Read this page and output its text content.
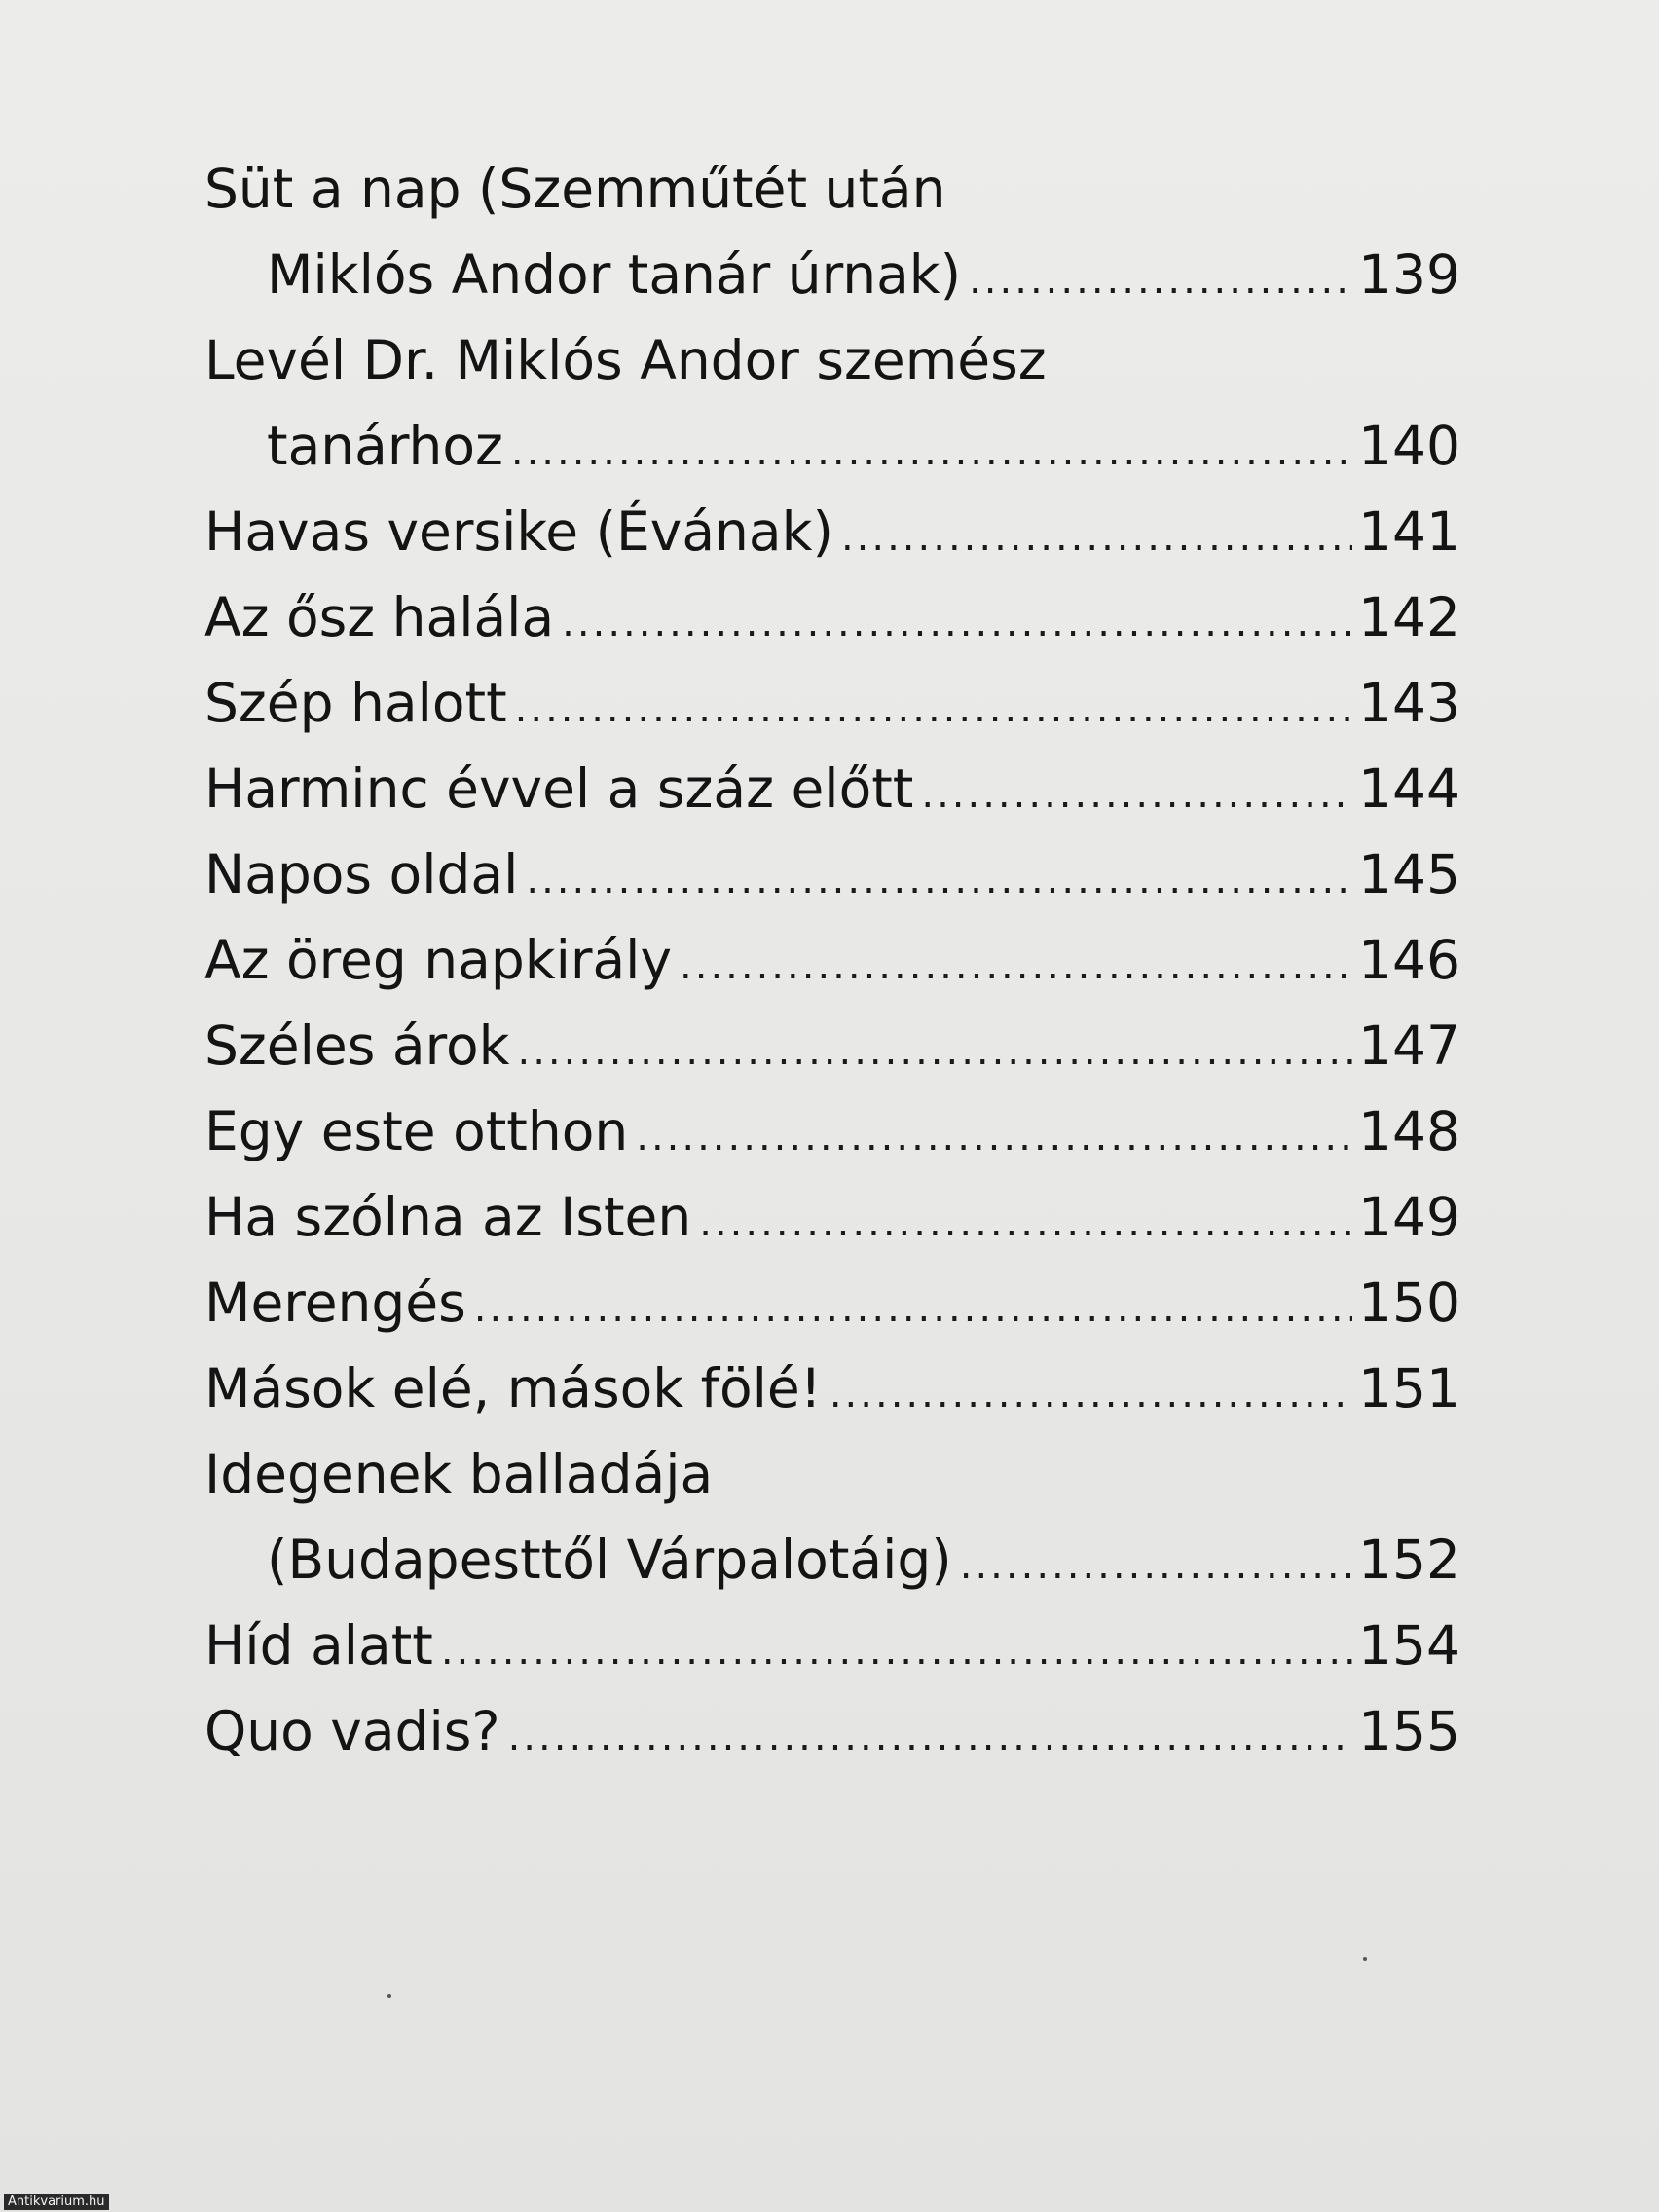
Süt a nap (Szemműtét után
Miklós Andor tanár úrnak) .....	139
Levél Dr. Miklós Andor szemész
tanárhoz .....	140
Havas versike (Évának) .....	141
Az ősz halála .....	142
Szép halott .....	143
Harminc évvel a száz előtt .....	144
Napos oldal .....	145
Az öreg napkirály .....	146
Széles árok .....	147
Egy este otthon .....	148
Ha szólna az Isten .....	149
Merengés .....	150
Mások elé, mások fölé! .....	151
Idegenek balladája
(Budapesttől Várpalotáig) .....	152
Híd alatt .....	154
Quo vadis? .....	155
Antikvarium.hu
